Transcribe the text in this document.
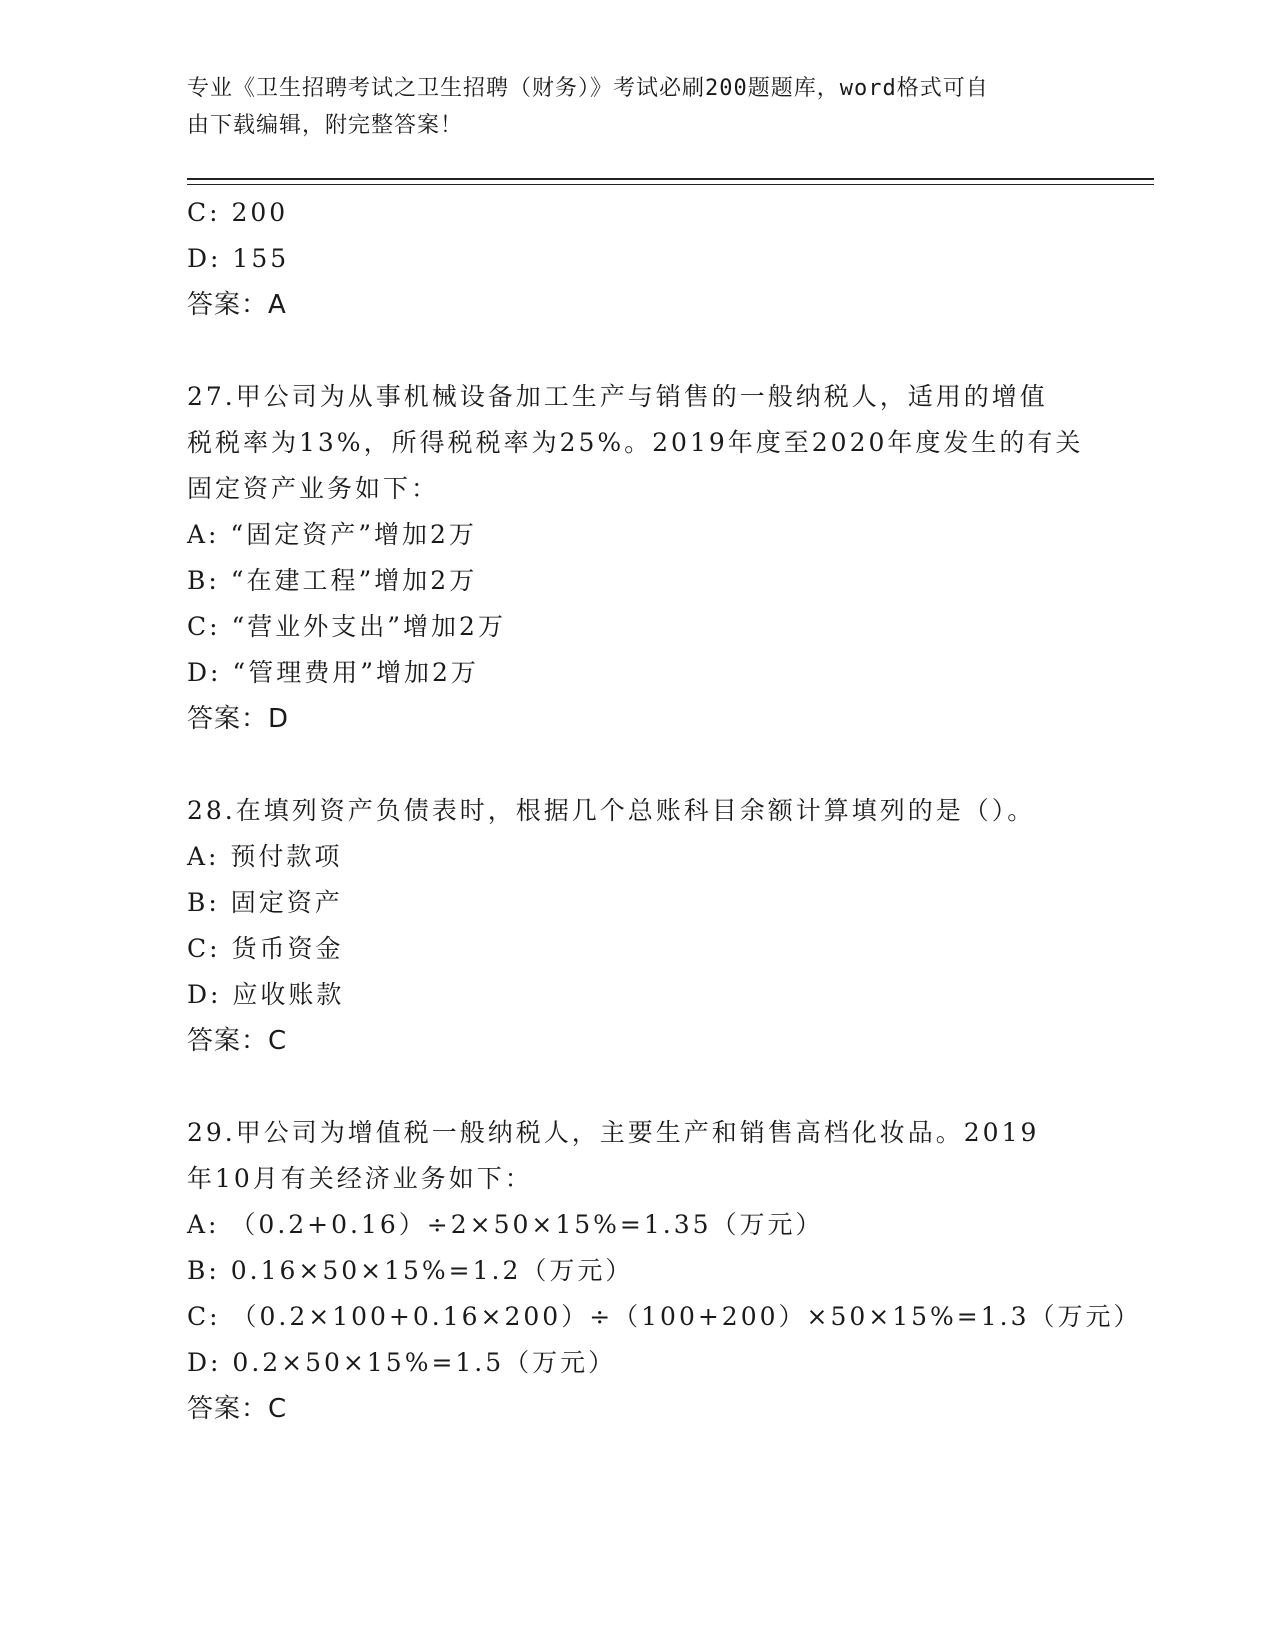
专业《卫生招聘考试之卫生招聘（财务）》考试必刷200题题库，word格式可自
由下载编辑，附完整答案！
C: 200
D: 155
答案：A
27.甲公司为从事机械设备加工生产与销售的一般纳税人，适用的增值
税税率为13%，所得税税率为25%。2019年度至2020年度发生的有关
固定资产业务如下：
A: “固定资产”增加2万
B: “在建工程”增加2万
C: “营业外支出”增加2万
D: “管理费用”增加2万
答案：D
28.在填列资产负债表时，根据几个总账科目余额计算填列的是（）。
A: 预付款项
B: 固定资产
C: 货币资金
D: 应收账款
答案：C
29.甲公司为增值税一般纳税人，主要生产和销售高档化妆品。2019
年10月有关经济业务如下：
A: （0.2+0.16）÷2×50×15%=1.35（万元）
B: 0.16×50×15%=1.2（万元）
C: （0.2×100+0.16×200）÷（100+200）×50×15%=1.3（万元）
D: 0.2×50×15%=1.5（万元）
答案：C
